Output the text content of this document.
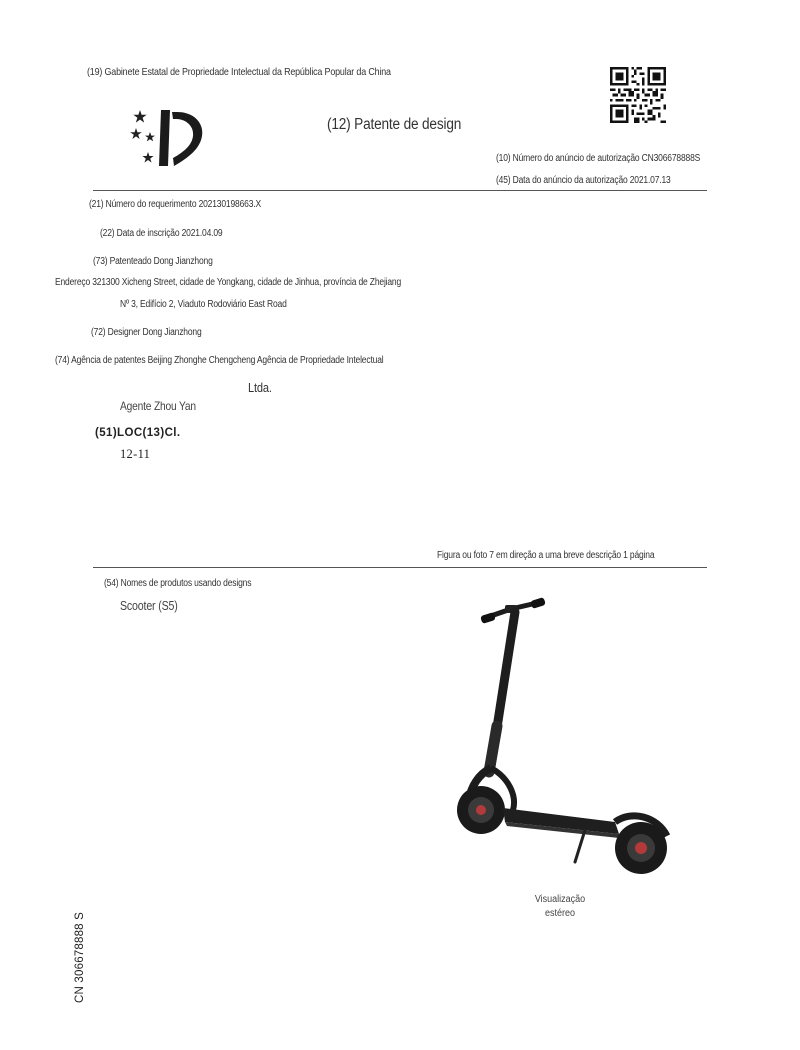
(19) Gabinete Estatal de Propriedade Intelectual da República Popular da China
(12) Patente de design
(10) Número do anúncio de autorização CN306678888S
(45) Data do anúncio da autorização 2021.07.13
(21) Número do requerimento 202130198663.X
(22) Data de inscrição 2021.04.09
(73) Patenteado Dong Jianzhong
Endereço 321300 Xicheng Street, cidade de Yongkang, cidade de Jinhua, província de Zhejiang
Nº 3, Edifício 2, Viaduto Rodoviário East Road
(72) Designer Dong Jianzhong
(74) Agência de patentes Beijing Zhonghe Chengcheng Agência de Propriedade Intelectual
Ltda.
Agente Zhou Yan
(51)LOC(13)Cl.
12-11
Figura ou foto 7 em direção a uma breve descrição 1 página
(54) Nomes de produtos usando designs
Scooter (S5)
Visualização
estéreo
CN 306678888 S
